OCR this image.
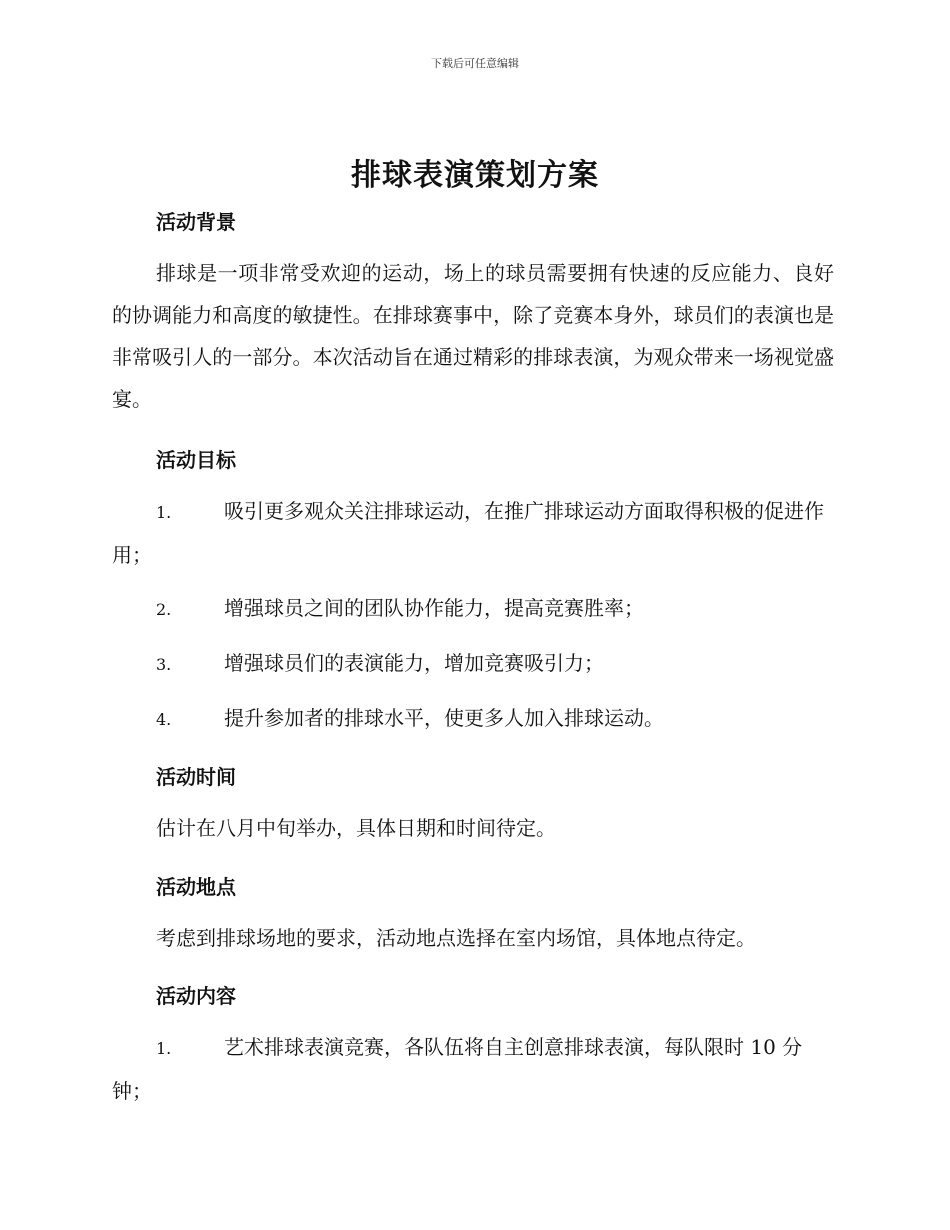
下载后可任意编辑
排球表演策划方案
活动背景

排球是一项非常受欢迎的运动，场上的球员需要拥有快速的反应能力、良好的协调能力和高度的敏捷性。在排球赛事中，除了竞赛本身外，球员们的表演也是非常吸引人的一部分。本次活动旨在通过精彩的排球表演，为观众带来一场视觉盛宴。

活动目标

1.	吸引更多观众关注排球运动，在推广排球运动方面取得积极的促进作用；

2.	增强球员之间的团队协作能力，提高竞赛胜率；

3.	增强球员们的表演能力，增加竞赛吸引力；

4.	提升参加者的排球水平，使更多人加入排球运动。

活动时间

估计在八月中旬举办，具体日期和时间待定。

活动地点

考虑到排球场地的要求，活动地点选择在室内场馆，具体地点待定。

活动内容

1.	艺术排球表演竞赛，各队伍将自主创意排球表演，每队限时 10 分钟；
